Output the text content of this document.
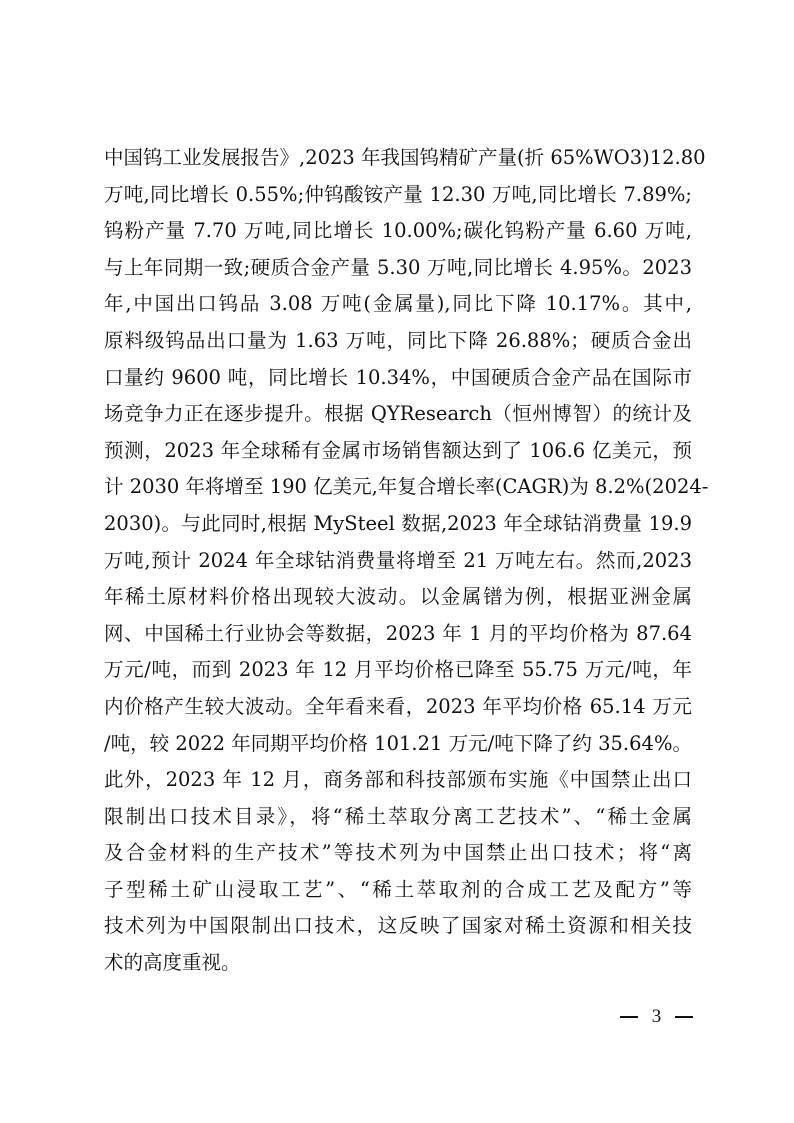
中国钨工业发展报告》,2023 年我国钨精矿产量(折 65%WO3)12.80
万吨,同比增长 0.55%;仲钨酸铵产量 12.30 万吨,同比增长 7.89%;
钨粉产量 7.70 万吨,同比增长 10.00%;碳化钨粉产量 6.60 万吨,
与上年同期一致;硬质合金产量 5.30 万吨,同比增长 4.95%。2023
年,中国出口钨品 3.08 万吨(金属量),同比下降 10.17%。其中,
原料级钨品出口量为 1.63 万吨，同比下降 26.88%；硬质合金出
口量约 9600 吨，同比增长 10.34%，中国硬质合金产品在国际市
场竞争力正在逐步提升。根据 QYResearch（恒州博智）的统计及
预测，2023 年全球稀有金属市场销售额达到了 106.6 亿美元，预
计 2030 年将增至 190 亿美元,年复合增长率(CAGR)为 8.2%(2024-
2030)。与此同时,根据 MySteel 数据,2023 年全球钴消费量 19.9
万吨,预计 2024 年全球钴消费量将增至 21 万吨左右。然而,2023
年稀土原材料价格出现较大波动。以金属镨为例，根据亚洲金属
网、中国稀土行业协会等数据，2023 年 1 月的平均价格为 87.64
万元/吨，而到 2023 年 12 月平均价格已降至 55.75 万元/吨，年
内价格产生较大波动。全年看来看，2023 年平均价格 65.14 万元
/吨，较 2022 年同期平均价格 101.21 万元/吨下降了约 35.64%。
此外，2023 年 12 月，商务部和科技部颁布实施《中国禁止出口
限制出口技术目录》，将“稀土萃取分离工艺技术”、“稀土金属
及合金材料的生产技术”等技术列为中国禁止出口技术；将“离
子型稀土矿山浸取工艺”、“稀土萃取剂的合成工艺及配方”等
技术列为中国限制出口技术，这反映了国家对稀土资源和相关技
术的高度重视。
3
